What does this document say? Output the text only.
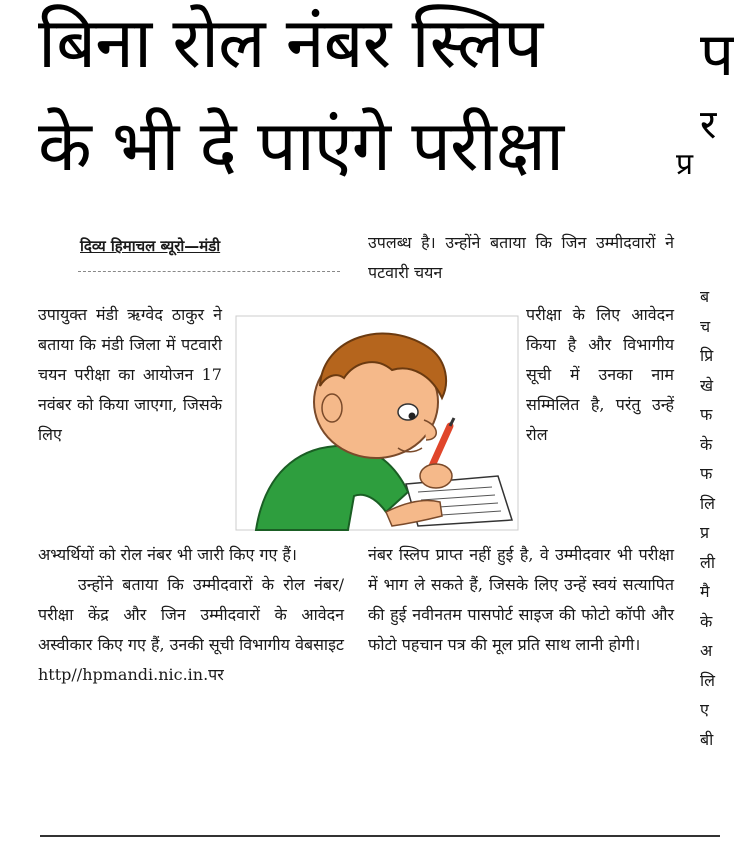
बिना रोल नंबर स्लिप
के भी दे पाएंगे परीक्षा
प
र
प्र
दिव्य हिमाचल ब्यूरो—मंडी

उपायुक्त मंडी ऋग्वेद ठाकुर ने बताया कि मंडी जिला में पटवारी चयन परीक्षा का आयोजन 17 नवंबर को किया जाएगा, जिसके लिए

अभ्यर्थियों को रोल नंबर भी जारी किए गए हैं।

उन्होंने बताया कि उम्मीदवारों के रोल नंबर/ परीक्षा केंद्र और जिन उम्मीदवारों के आवेदन अस्वीकार किए गए हैं, उनकी सूची विभागीय वेबसाइट http//hpmandi.nic.in.पर

उपलब्ध है। उन्होंने बताया कि जिन उम्मीदवारों ने पटवारी चयन

परीक्षा के लिए आवेदन किया है और विभागीय सूची में उनका नाम सम्मिलित है, परंतु उन्हें रोल

नंबर स्लिप प्राप्त नहीं हुई है, वे उम्मीदवार भी परीक्षा में भाग ले सकते हैं, जिसके लिए उन्हें स्वयं सत्यापित की हुई नवीनतम पासपोर्ट साइज की फोटो कॉपी और फोटो पहचान पत्र की मूल प्रति साथ लानी होगी।

ब
च
प्रि
खे
फ
के
फ
लि
प्र
ली
मै
के
अ
लि
ए
बी
